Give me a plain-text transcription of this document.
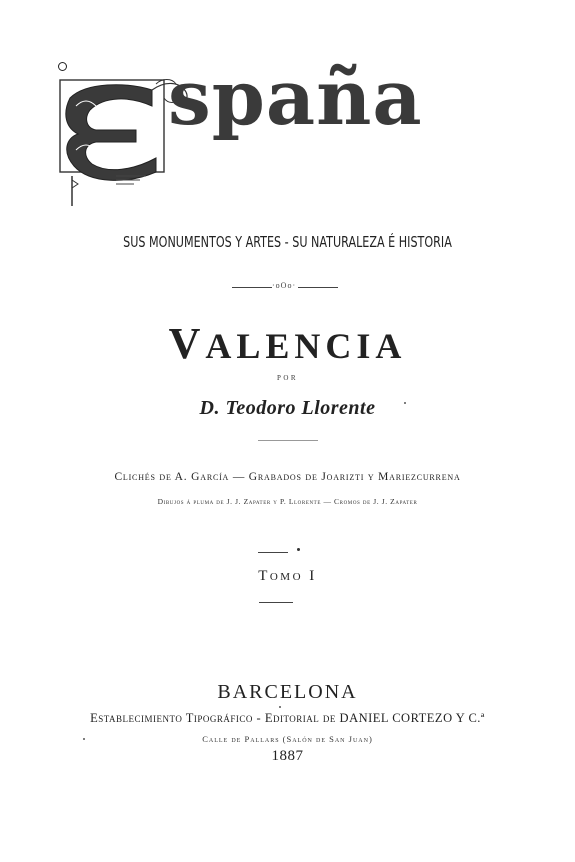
spaña
SUS MONUMENTOS Y ARTES - SU NATURALEZA É HISTORIA
·oOo·
VALENCIA
POR
D. Teodoro Llorente
Clichés de A. García — Grabados de Joarizti y Mariezcurrena
Dibujos á pluma de J. J. Zapater y P. Llorente — Cromos de J. J. Zapater
Tomo I
BARCELONA
Establecimiento Tipográfico - Editorial de DANIEL CORTEZO Y C.ª
Calle de Pallars (Salón de San Juan)
1887
